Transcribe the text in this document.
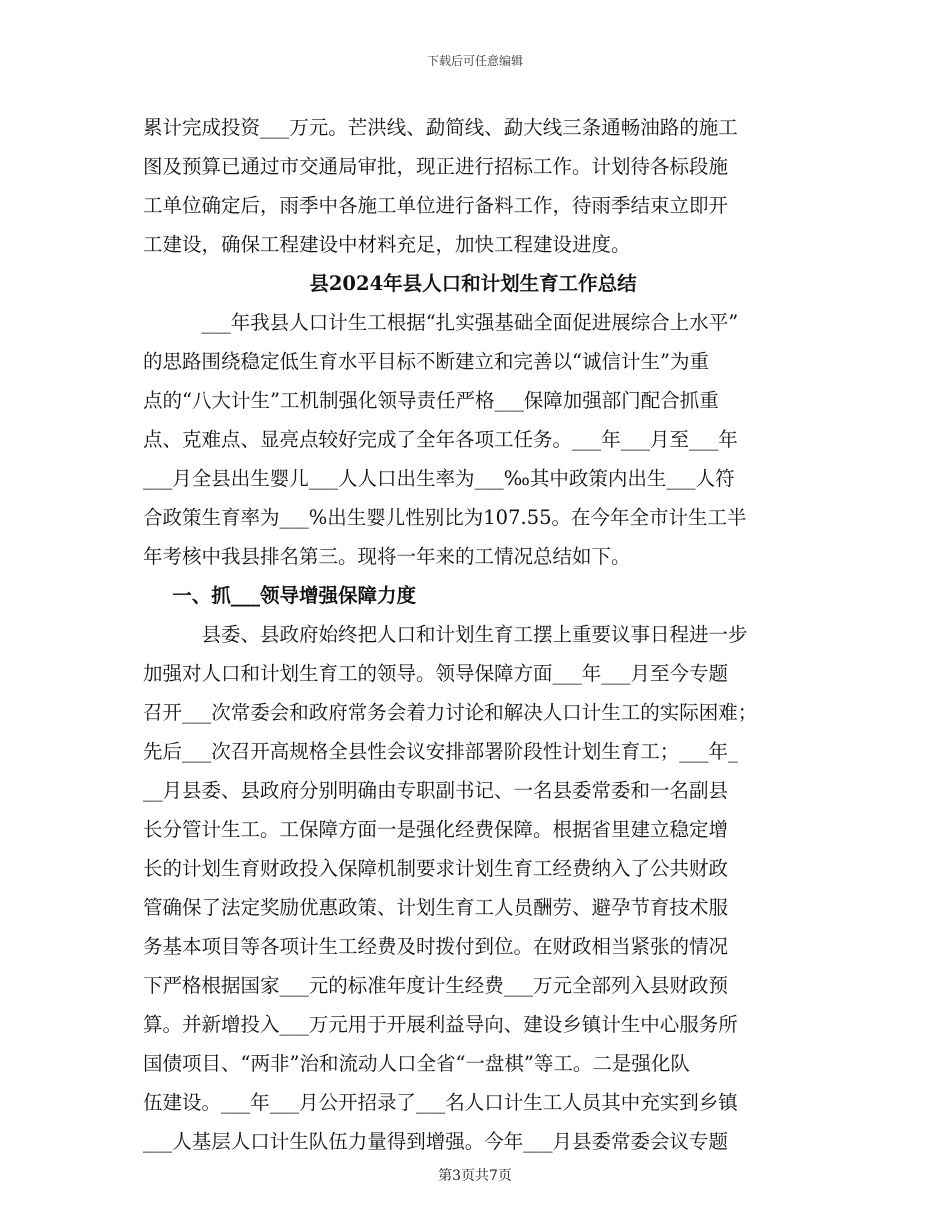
下载后可任意编辑
累计完成投资___万元。芒洪线、勐简线、勐大线三条通畅油路的施工
图及预算已通过市交通局审批，现正进行招标工作。计划待各标段施
工单位确定后，雨季中各施工单位进行备料工作，待雨季结束立即开
工建设，确保工程建设中材料充足，加快工程建设进度。
县2024年县人口和计划生育工作总结
___年我县人口计生工根据“扎实强基础全面促进展综合上水平”
的思路围绕稳定低生育水平目标不断建立和完善以“诚信计生”为重
点的“八大计生”工机制强化领导责任严格___保障加强部门配合抓重
点、克难点、显亮点较好完成了全年各项工任务。___年___月至___年
___月全县出生婴儿___人人口出生率为___‰其中政策内出生___人符
合政策生育率为___%出生婴儿性别比为107.55。在今年全市计生工半
年考核中我县排名第三。现将一年来的工情况总结如下。
一、抓___领导增强保障力度
县委、县政府始终把人口和计划生育工摆上重要议事日程进一步
加强对人口和计划生育工的领导。领导保障方面___年___月至今专题
召开___次常委会和政府常务会着力讨论和解决人口计生工的实际困难；
先后___次召开高规格全县性会议安排部署阶段性计划生育工；___年_
__月县委、县政府分别明确由专职副书记、一名县委常委和一名副县
长分管计生工。工保障方面一是强化经费保障。根据省里建立稳定增
长的计划生育财政投入保障机制要求计划生育工经费纳入了公共财政
管确保了法定奖励优惠政策、计划生育工人员酬劳、避孕节育技术服
务基本项目等各项计生工经费及时拨付到位。在财政相当紧张的情况
下严格根据国家___元的标准年度计生经费___万元全部列入县财政预
算。并新增投入___万元用于开展利益导向、建设乡镇计生中心服务所
国债项目、“两非”治和流动人口全省“一盘棋”等工。二是强化队
伍建设。___年___月公开招录了___名人口计生工人员其中充实到乡镇
___人基层人口计生队伍力量得到增强。今年___月县委常委会议专题
第3页共7页
